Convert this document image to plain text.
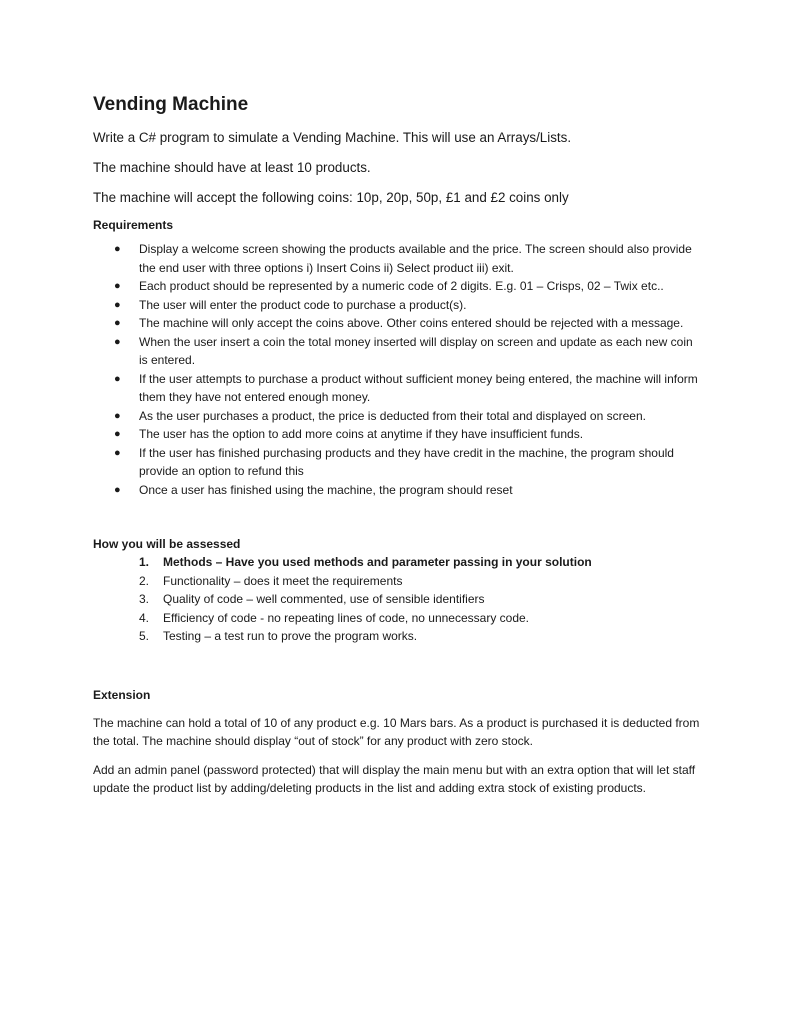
Vending Machine

Write a C# program to simulate a Vending Machine. This will use an Arrays/Lists.

The machine should have at least 10 products.

The machine will accept the following coins: 10p, 20p, 50p, £1 and £2 coins only

Requirements

● Display a welcome screen showing the products available and the price. The screen should also provide the end user with three options i) Insert Coins ii) Select product iii) exit.
● Each product should be represented by a numeric code of 2 digits. E.g. 01 – Crisps, 02 – Twix etc..
● The user will enter the product code to purchase a product(s).
● The machine will only accept the coins above. Other coins entered should be rejected with a message.
● When the user insert a coin the total money inserted will display on screen and update as each new coin is entered.
● If the user attempts to purchase a product without sufficient money being entered, the machine will inform them they have not entered enough money.
● As the user purchases a product, the price is deducted from their total and displayed on screen.
● The user has the option to add more coins at anytime if they have insufficient funds.
● If the user has finished purchasing products and they have credit in the machine, the program should provide an option to refund this
● Once a user has finished using the machine, the program should reset

How you will be assessed

1. Methods – Have you used methods and parameter passing in your solution
2. Functionality – does it meet the requirements
3. Quality of code – well commented, use of sensible identifiers
4. Efficiency of code - no repeating lines of code, no unnecessary code.
5. Testing – a test run to prove the program works.

Extension

The machine can hold a total of 10 of any product e.g. 10 Mars bars. As a product is purchased it is deducted from the total. The machine should display “out of stock” for any product with zero stock.

Add an admin panel (password protected) that will display the main menu but with an extra option that will let staff update the product list by adding/deleting products in the list and adding extra stock of existing products.
